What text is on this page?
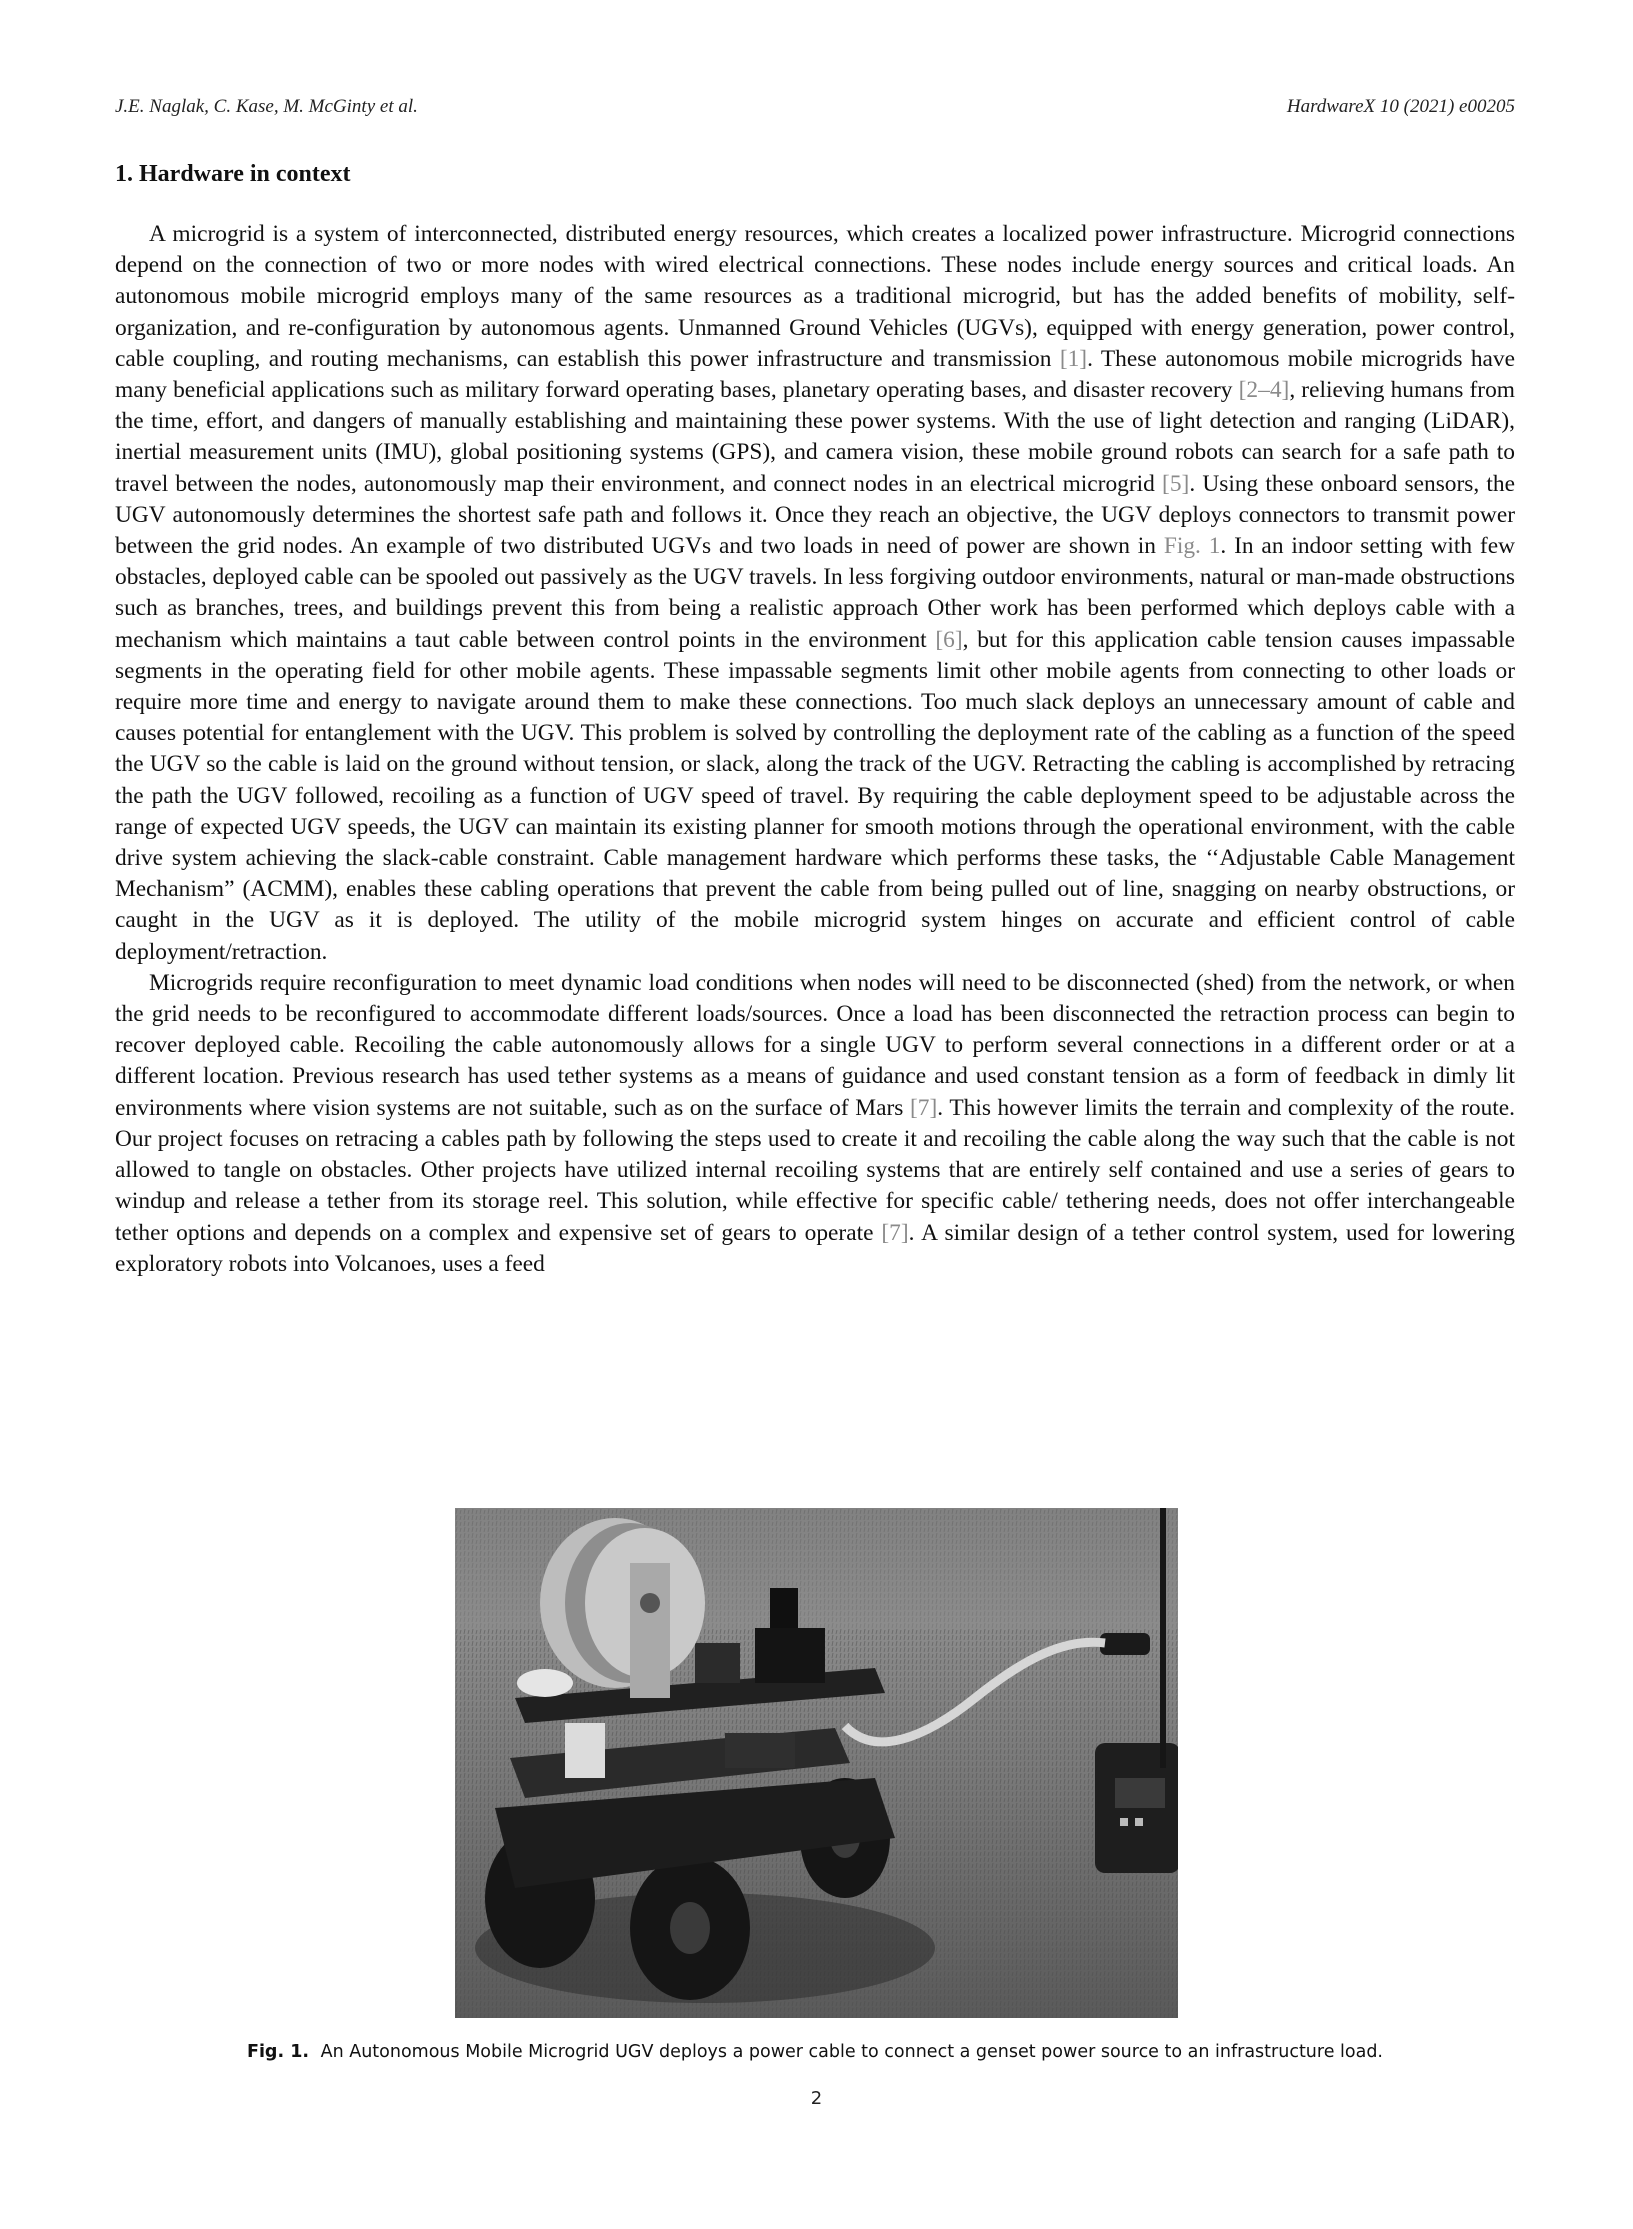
J.E. Naglak, C. Kase, M. McGinty et al.	HardwareX 10 (2021) e00205
1. Hardware in context

A microgrid is a system of interconnected, distributed energy resources, which creates a localized power infrastructure. Microgrid connections depend on the connection of two or more nodes with wired electrical connections. These nodes include energy sources and critical loads. An autonomous mobile microgrid employs many of the same resources as a traditional microgrid, but has the added benefits of mobility, self-organization, and re-configuration by autonomous agents. Unmanned Ground Vehicles (UGVs), equipped with energy generation, power control, cable coupling, and routing mechanisms, can establish this power infrastructure and transmission [1]. These autonomous mobile microgrids have many beneficial applications such as military forward operating bases, planetary operating bases, and disaster recovery [2–4], relieving humans from the time, effort, and dangers of manually establishing and maintaining these power systems. With the use of light detection and ranging (LiDAR), inertial measurement units (IMU), global positioning systems (GPS), and camera vision, these mobile ground robots can search for a safe path to travel between the nodes, autonomously map their environment, and connect nodes in an electrical microgrid [5]. Using these onboard sensors, the UGV autonomously determines the shortest safe path and follows it. Once they reach an objective, the UGV deploys connectors to transmit power between the grid nodes. An example of two distributed UGVs and two loads in need of power are shown in Fig. 1. In an indoor setting with few obstacles, deployed cable can be spooled out passively as the UGV travels. In less forgiving outdoor environments, natural or man-made obstructions such as branches, trees, and buildings prevent this from being a realistic approach Other work has been performed which deploys cable with a mechanism which maintains a taut cable between control points in the environment [6], but for this application cable tension causes impassable segments in the operating field for other mobile agents. These impassable segments limit other mobile agents from connecting to other loads or require more time and energy to navigate around them to make these connections. Too much slack deploys an unnecessary amount of cable and causes potential for entanglement with the UGV. This problem is solved by controlling the deployment rate of the cabling as a function of the speed the UGV so the cable is laid on the ground without tension, or slack, along the track of the UGV. Retracting the cabling is accomplished by retracing the path the UGV followed, recoiling as a function of UGV speed of travel. By requiring the cable deployment speed to be adjustable across the range of expected UGV speeds, the UGV can maintain its existing planner for smooth motions through the operational environment, with the cable drive system achieving the slack-cable constraint. Cable management hardware which performs these tasks, the ‘‘Adjustable Cable Management Mechanism” (ACMM), enables these cabling operations that prevent the cable from being pulled out of line, snagging on nearby obstructions, or caught in the UGV as it is deployed. The utility of the mobile microgrid system hinges on accurate and efficient control of cable deployment/retraction.

Microgrids require reconfiguration to meet dynamic load conditions when nodes will need to be disconnected (shed) from the network, or when the grid needs to be reconfigured to accommodate different loads/sources. Once a load has been disconnected the retraction process can begin to recover deployed cable. Recoiling the cable autonomously allows for a single UGV to perform several connections in a different order or at a different location. Previous research has used tether systems as a means of guidance and used constant tension as a form of feedback in dimly lit environments where vision systems are not suitable, such as on the surface of Mars [7]. This however limits the terrain and complexity of the route. Our project focuses on retracing a cables path by following the steps used to create it and recoiling the cable along the way such that the cable is not allowed to tangle on obstacles. Other projects have utilized internal recoiling systems that are entirely self contained and use a series of gears to windup and release a tether from its storage reel. This solution, while effective for specific cable/ tethering needs, does not offer interchangeable tether options and depends on a complex and expensive set of gears to operate [7]. A similar design of a tether control system, used for lowering exploratory robots into Volcanoes, uses a feed

Fig. 1. An Autonomous Mobile Microgrid UGV deploys a power cable to connect a genset power source to an infrastructure load.
2
